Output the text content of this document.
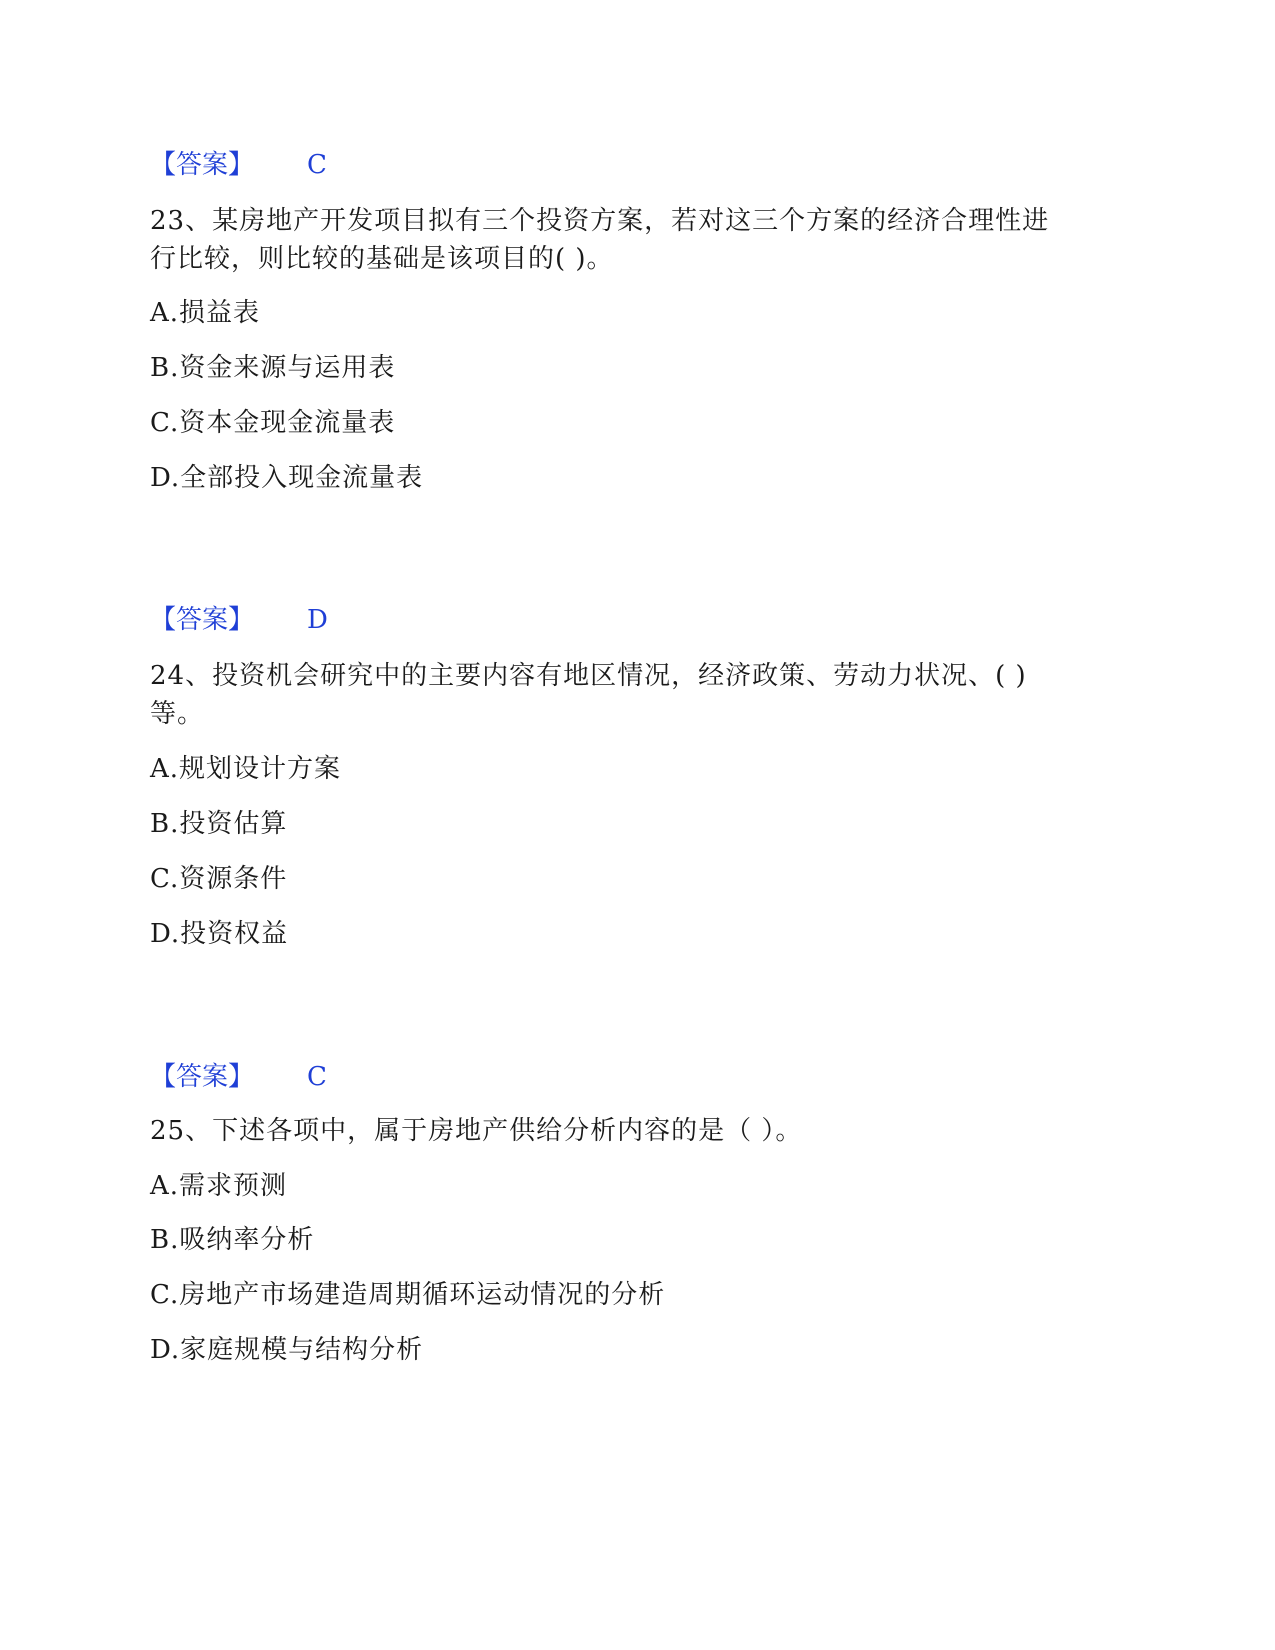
【答案】 C
23、某房地产开发项目拟有三个投资方案，若对这三个方案的经济合理性进
行比较，则比较的基础是该项目的( )。
A.损益表
B.资金来源与运用表
C.资本金现金流量表
D.全部投入现金流量表
【答案】 D
24、投资机会研究中的主要内容有地区情况，经济政策、劳动力状况、( )
等。
A.规划设计方案
B.投资估算
C.资源条件
D.投资权益
【答案】 C
25、下述各项中，属于房地产供给分析内容的是（ ）。
A.需求预测
B.吸纳率分析
C.房地产市场建造周期循环运动情况的分析
D.家庭规模与结构分析
